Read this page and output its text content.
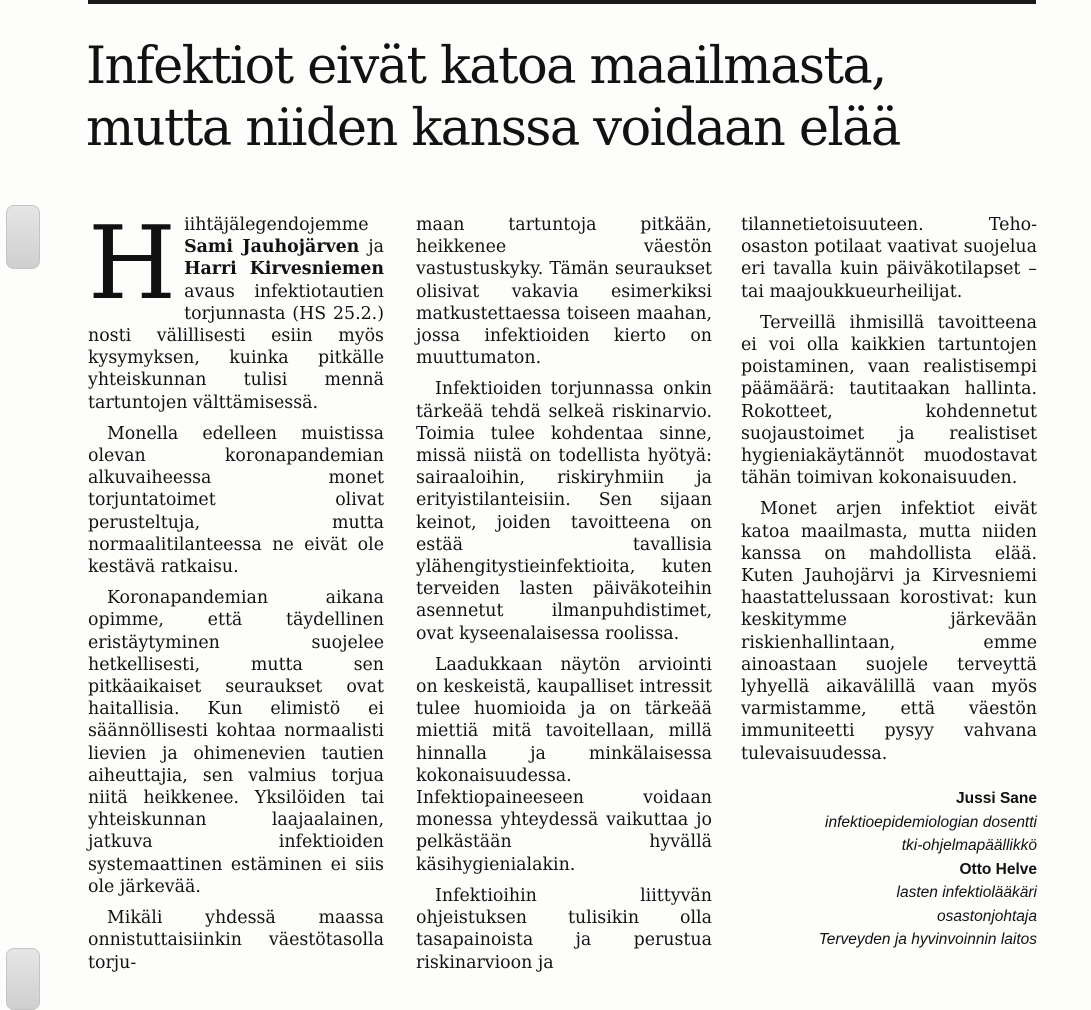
Infektiot eivät katoa maailmasta,
mutta niiden kanssa voidaan elää

Hiihtäjälegendojemme Sami Jauhojärven ja Harri Kirvesniemen avaus infektiotautien torjunnasta (HS 25.2.) nosti välillisesti esiin myös kysymyksen, kuinka pitkälle yhteiskunnan tulisi mennä tartuntojen välttämisessä.

Monella edelleen muistissa olevan koronapandemian alkuvaiheessa monet torjuntatoimet olivat perusteltuja, mutta normaalitilanteessa ne eivät ole kestävä ratkaisu.

Koronapandemian aikana opimme, että täydellinen eristäytyminen suojelee hetkellisesti, mutta sen pitkäaikaiset seuraukset ovat haitallisia. Kun elimistö ei säännöllisesti kohtaa normaalisti lievien ja ohimenevien tautien aiheuttajia, sen valmius torjua niitä heikkenee. Yksilöiden tai yhteiskunnan laajaalainen, jatkuva infektioiden systemaattinen estäminen ei siis ole järkevää.

Mikäli yhdessä maassa onnistuttaisiinkin väestötasolla torju-

maan tartuntoja pitkään, heikkenee väestön vastustuskyky. Tämän seuraukset olisivat vakavia esimerkiksi matkustettaessa toiseen maahan, jossa infektioiden kierto on muuttumaton.

Infektioiden torjunnassa onkin tärkeää tehdä selkeä riskinarvio. Toimia tulee kohdentaa sinne, missä niistä on todellista hyötyä: sairaaloihin, riskiryhmiin ja erityistilanteisiin. Sen sijaan keinot, joiden tavoitteena on estää tavallisia ylähengitystieinfektioita, kuten terveiden lasten päiväkoteihin asennetut ilmanpuhdistimet, ovat kyseenalaisessa roolissa.

Laadukkaan näytön arviointi on keskeistä, kaupalliset intressit tulee huomioida ja on tärkeää miettiä mitä tavoitellaan, millä hinnalla ja minkälaisessa kokonaisuudessa. Infektiopaineeseen voidaan monessa yhteydessä vaikuttaa jo pelkästään hyvällä käsihygienialakin.

Infektioihin liittyvän ohjeistuksen tulisikin olla tasapainoista ja perustua riskinarvioon ja

tilannetietoisuuteen. Teho-osaston potilaat vaativat suojelua eri tavalla kuin päiväkotilapset – tai maajoukkueurheilijat.

Terveillä ihmisillä tavoitteena ei voi olla kaikkien tartuntojen poistaminen, vaan realistisempi päämäärä: tautitaakan hallinta. Rokotteet, kohdennetut suojaustoimet ja realistiset hygieniakäytännöt muodostavat tähän toimivan kokonaisuuden.

Monet arjen infektiot eivät katoa maailmasta, mutta niiden kanssa on mahdollista elää. Kuten Jauhojärvi ja Kirvesniemi haastattelussaan korostivat: kun keskitymme järkevään riskienhallintaan, emme ainoastaan suojele terveyttä lyhyellä aikavälillä vaan myös varmistamme, että väestön immuniteetti pysyy vahvana tulevaisuudessa.

Jussi Sane
infektioepidemiologian dosentti
tki-ohjelmapäällikkö
Otto Helve
lasten infektiolääkäri
osastonjohtaja
Terveyden ja hyvinvoinnin laitos
